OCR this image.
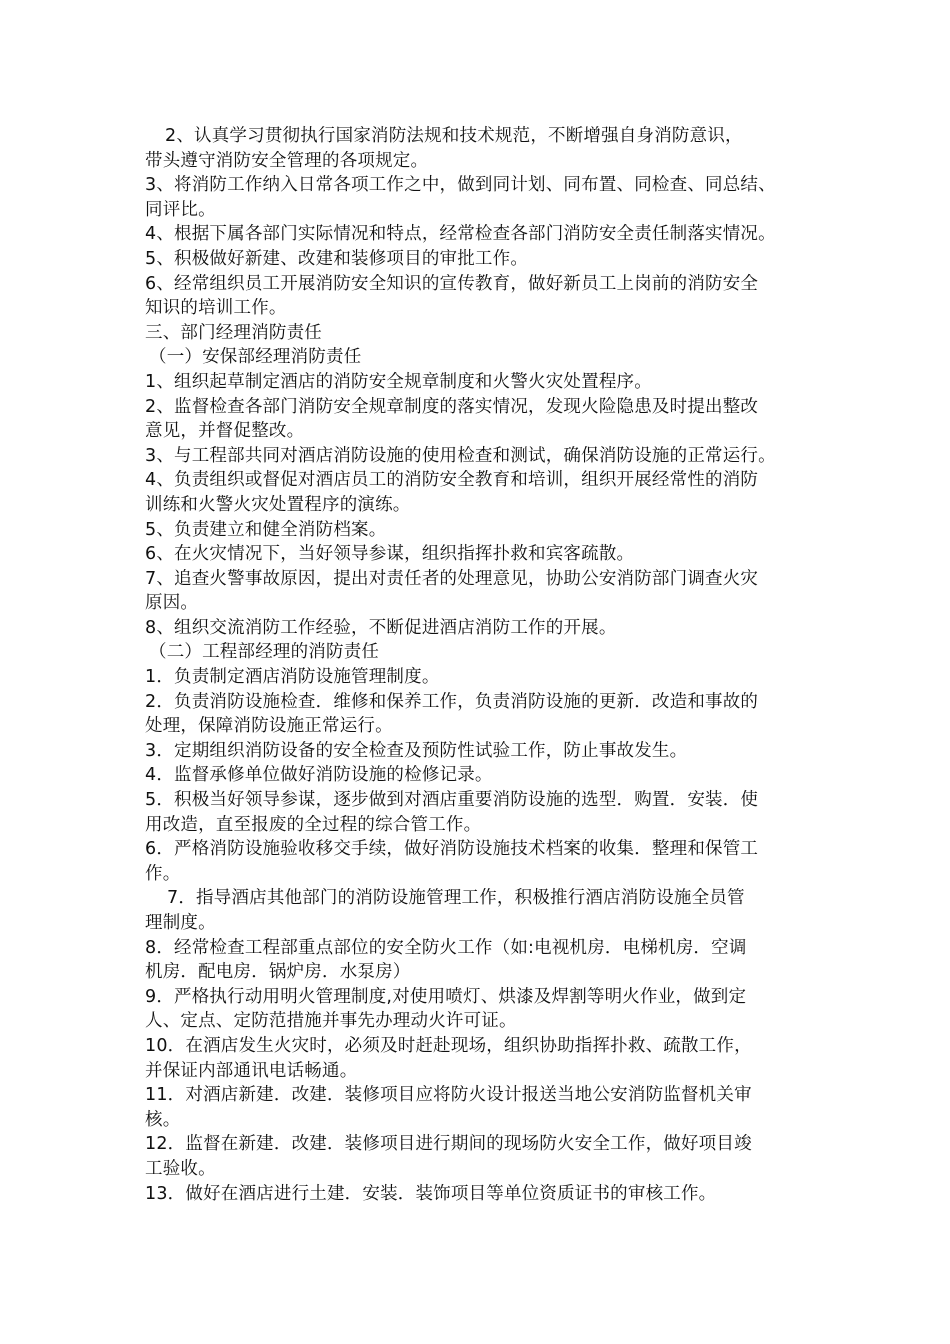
2、认真学习贯彻执行国家消防法规和技术规范，不断增强自身消防意识，
带头遵守消防安全管理的各项规定。
3、将消防工作纳入日常各项工作之中，做到同计划、同布置、同检查、同总结、
同评比。
4、根据下属各部门实际情况和特点，经常检查各部门消防安全责任制落实情况。
5、积极做好新建、改建和装修项目的审批工作。
6、经常组织员工开展消防安全知识的宣传教育，做好新员工上岗前的消防安全
知识的培训工作。
三、部门经理消防责任
（一）安保部经理消防责任
1、组织起草制定酒店的消防安全规章制度和火警火灾处置程序。
2、监督检查各部门消防安全规章制度的落实情况，发现火险隐患及时提出整改
意见，并督促整改。
3、与工程部共同对酒店消防设施的使用检查和测试，确保消防设施的正常运行。
4、负责组织或督促对酒店员工的消防安全教育和培训，组织开展经常性的消防
训练和火警火灾处置程序的演练。
5、负责建立和健全消防档案。
6、在火灾情况下，当好领导参谋，组织指挥扑救和宾客疏散。
7、追查火警事故原因，提出对责任者的处理意见，协助公安消防部门调查火灾
原因。
8、组织交流消防工作经验，不断促进酒店消防工作的开展。
（二）工程部经理的消防责任
1．负责制定酒店消防设施管理制度。
2．负责消防设施检查．维修和保养工作，负责消防设施的更新．改造和事故的
处理，保障消防设施正常运行。
3．定期组织消防设备的安全检查及预防性试验工作，防止事故发生。
4．监督承修单位做好消防设施的检修记录。
5．积极当好领导参谋，逐步做到对酒店重要消防设施的选型．购置．安装．使
用改造，直至报废的全过程的综合管工作。
6．严格消防设施验收移交手续，做好消防设施技术档案的收集．整理和保管工
作。
7．指导酒店其他部门的消防设施管理工作，积极推行酒店消防设施全员管
理制度。
8．经常检查工程部重点部位的安全防火工作（如:电视机房．电梯机房．空调
机房．配电房．锅炉房．水泵房）
9．严格执行动用明火管理制度,对使用喷灯、烘漆及焊割等明火作业，做到定
人、定点、定防范措施并事先办理动火许可证。
10．在酒店发生火灾时，必须及时赶赴现场，组织协助指挥扑救、疏散工作，
并保证内部通讯电话畅通。
11．对酒店新建．改建．装修项目应将防火设计报送当地公安消防监督机关审
核。
12．监督在新建．改建．装修项目进行期间的现场防火安全工作，做好项目竣
工验收。
13．做好在酒店进行土建．安装．装饰项目等单位资质证书的审核工作。
